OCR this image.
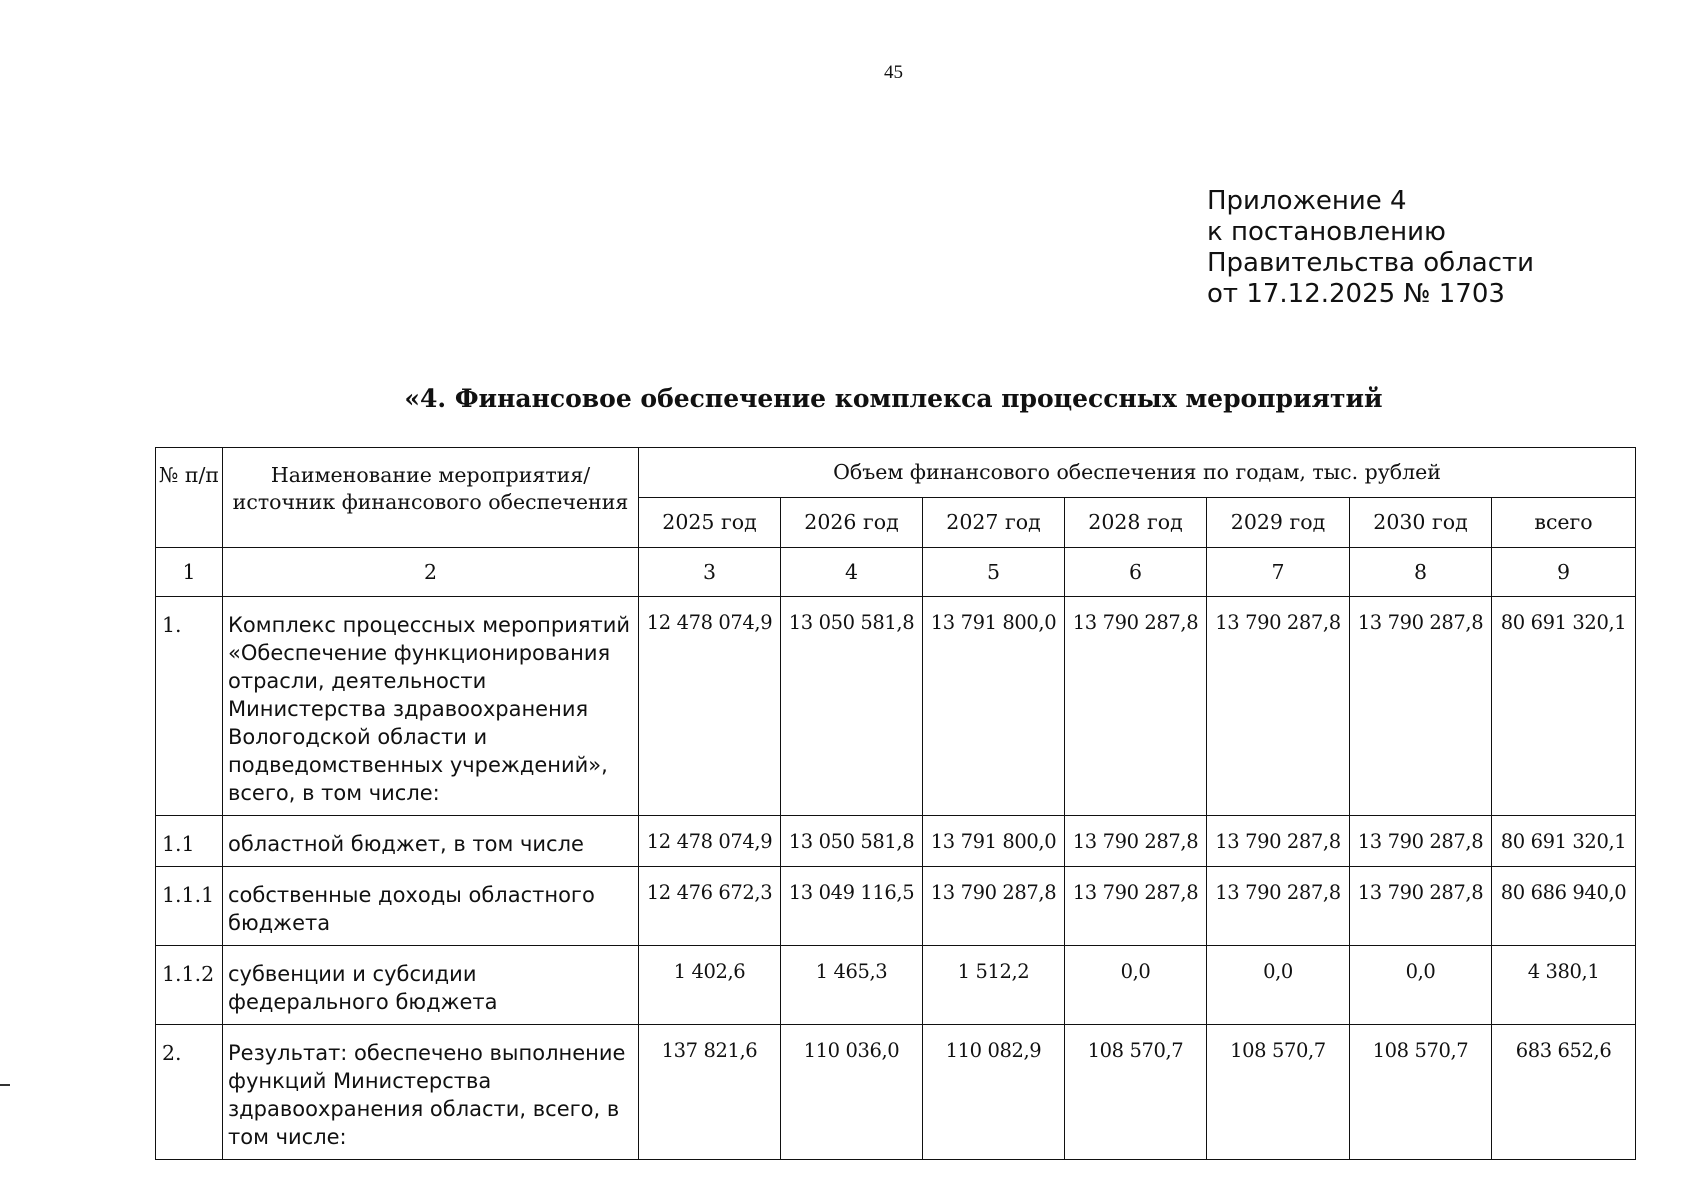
45
Приложение 4
к постановлению
Правительства области
от 17.12.2025 № 1703
«4. Финансовое обеспечение комплекса процессных мероприятий
№ п/п	Наименование мероприятия/источник финансового обеспечения	Объем финансового обеспечения по годам, тыс. рублей						
		2025 год	2026 год	2027 год	2028 год	2029 год	2030 год	всего
1	2	3	4	5	6	7	8	9
1.	Комплекс процессных мероприятий «Обеспечение функционирования отрасли, деятельности Министерства здравоохранения Вологодской области и подведомственных учреждений», всего, в том числе:	12 478 074,9	13 050 581,8	13 791 800,0	13 790 287,8	13 790 287,8	13 790 287,8	80 691 320,1
1.1	областной бюджет, в том числе	12 478 074,9	13 050 581,8	13 791 800,0	13 790 287,8	13 790 287,8	13 790 287,8	80 691 320,1
1.1.1	собственные доходы областного бюджета	12 476 672,3	13 049 116,5	13 790 287,8	13 790 287,8	13 790 287,8	13 790 287,8	80 686 940,0
1.1.2	субвенции и субсидии федерального бюджета	1 402,6	1 465,3	1 512,2	0,0	0,0	0,0	4 380,1
2.	Результат: обеспечено выполнение функций Министерства здравоохранения области, всего, в том числе:	137 821,6	110 036,0	110 082,9	108 570,7	108 570,7	108 570,7	683 652,6
